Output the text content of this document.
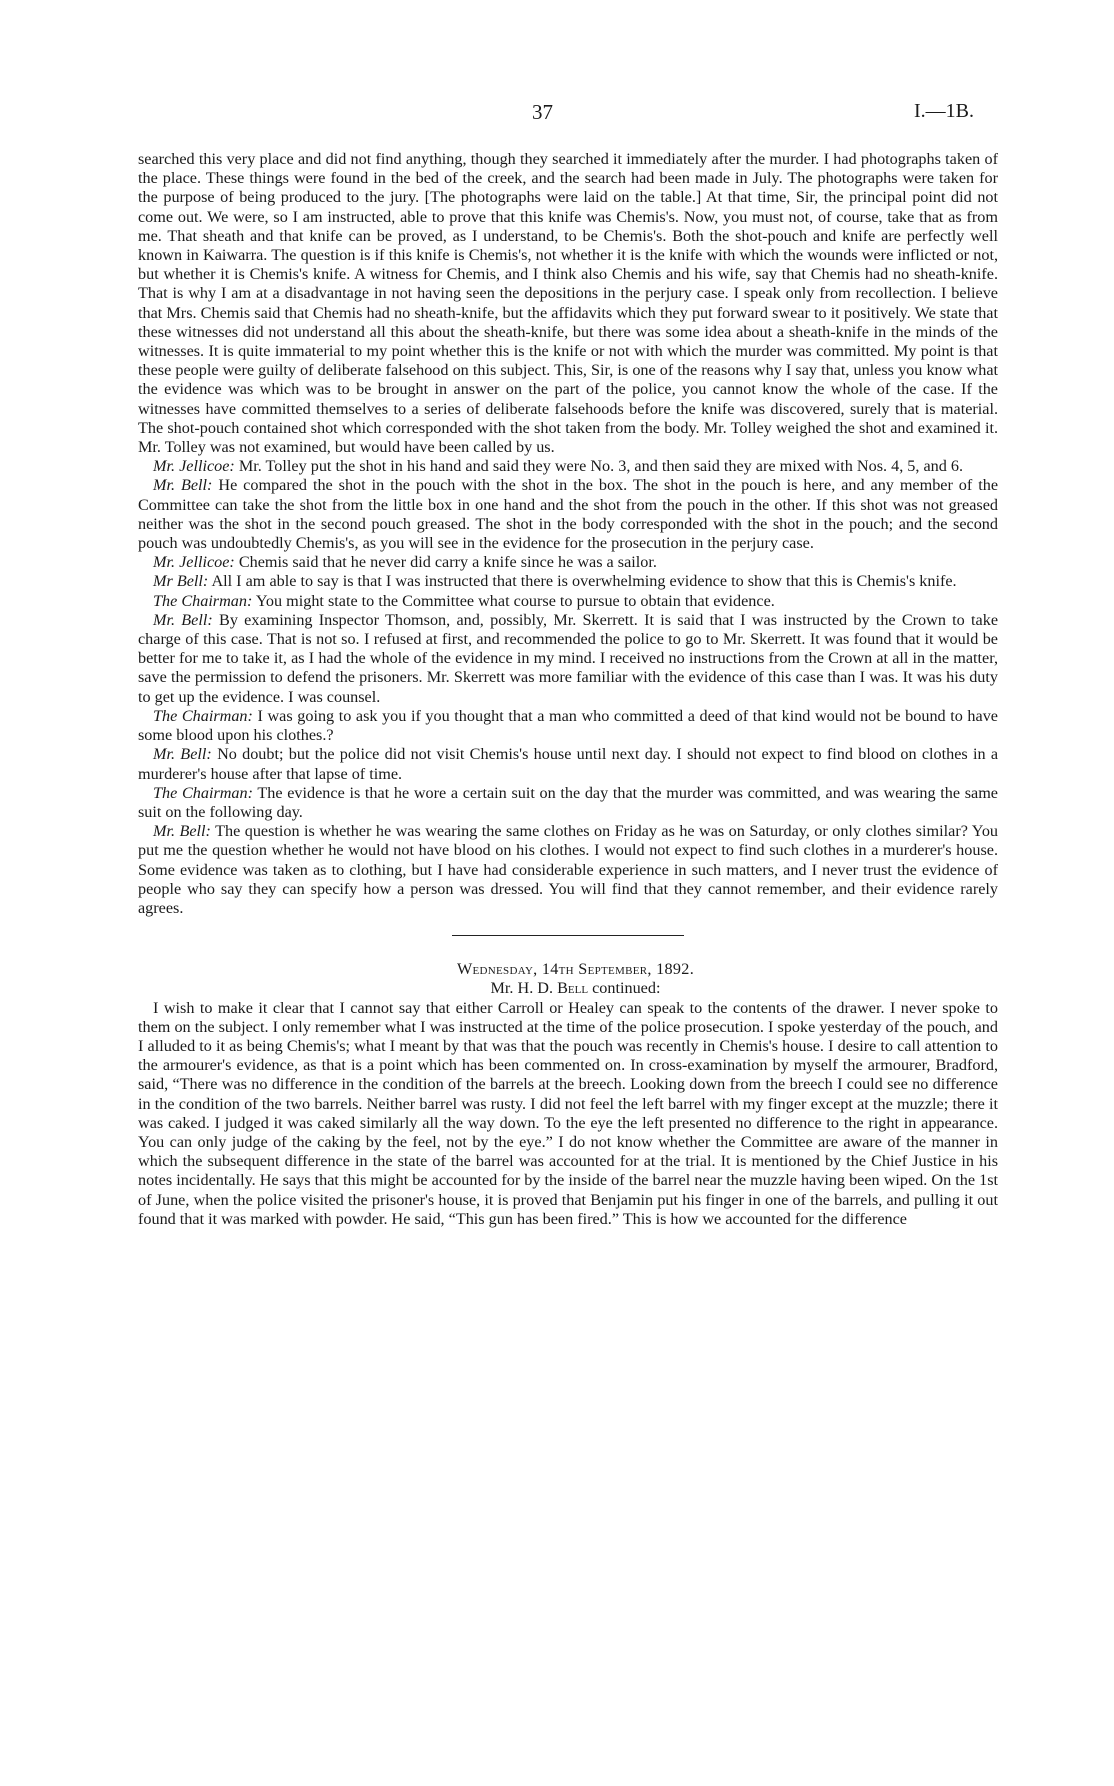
37	I.—1B.

searched this very place and did not find anything, though they searched it immediately after the murder. I had photographs taken of the place. These things were found in the bed of the creek, and the search had been made in July. The photographs were taken for the purpose of being produced to the jury. [The photographs were laid on the table.] At that time, Sir, the principal point did not come out. We were, so I am instructed, able to prove that this knife was Chemis's. Now, you must not, of course, take that as from me. That sheath and that knife can be proved, as I understand, to be Chemis's. Both the shot-pouch and knife are perfectly well known in Kaiwarra. The question is if this knife is Chemis's, not whether it is the knife with which the wounds were inflicted or not, but whether it is Chemis's knife. A witness for Chemis, and I think also Chemis and his wife, say that Chemis had no sheath-knife. That is why I am at a disadvantage in not having seen the depositions in the perjury case. I speak only from recollection. I believe that Mrs. Chemis said that Chemis had no sheath-knife, but the affidavits which they put forward swear to it positively. We state that these witnesses did not understand all this about the sheath-knife, but there was some idea about a sheath-knife in the minds of the witnesses. It is quite immaterial to my point whether this is the knife or not with which the murder was committed. My point is that these people were guilty of deliberate falsehood on this subject. This, Sir, is one of the reasons why I say that, unless you know what the evidence was which was to be brought in answer on the part of the police, you cannot know the whole of the case. If the witnesses have committed themselves to a series of deliberate falsehoods before the knife was discovered, surely that is material. The shot-pouch contained shot which corresponded with the shot taken from the body. Mr. Tolley weighed the shot and examined it. Mr. Tolley was not examined, but would have been called by us.

Mr. Jellicoe: Mr. Tolley put the shot in his hand and said they were No. 3, and then said they are mixed with Nos. 4, 5, and 6.

Mr. Bell: He compared the shot in the pouch with the shot in the box. The shot in the pouch is here, and any member of the Committee can take the shot from the little box in one hand and the shot from the pouch in the other. If this shot was not greased neither was the shot in the second pouch greased. The shot in the body corresponded with the shot in the pouch; and the second pouch was undoubtedly Chemis's, as you will see in the evidence for the prosecution in the perjury case.

Mr. Jellicoe: Chemis said that he never did carry a knife since he was a sailor.

Mr Bell: All I am able to say is that I was instructed that there is overwhelming evidence to show that this is Chemis's knife.

The Chairman: You might state to the Committee what course to pursue to obtain that evidence.

Mr. Bell: By examining Inspector Thomson, and, possibly, Mr. Skerrett. It is said that I was instructed by the Crown to take charge of this case. That is not so. I refused at first, and recommended the police to go to Mr. Skerrett. It was found that it would be better for me to take it, as I had the whole of the evidence in my mind. I received no instructions from the Crown at all in the matter, save the permission to defend the prisoners. Mr. Skerrett was more familiar with the evidence of this case than I was. It was his duty to get up the evidence. I was counsel.

The Chairman: I was going to ask you if you thought that a man who committed a deed of that kind would not be bound to have some blood upon his clothes.?

Mr. Bell: No doubt; but the police did not visit Chemis's house until next day. I should not expect to find blood on clothes in a murderer's house after that lapse of time.

The Chairman: The evidence is that he wore a certain suit on the day that the murder was committed, and was wearing the same suit on the following day.

Mr. Bell: The question is whether he was wearing the same clothes on Friday as he was on Saturday, or only clothes similar? You put me the question whether he would not have blood on his clothes. I would not expect to find such clothes in a murderer's house. Some evidence was taken as to clothing, but I have had considerable experience in such matters, and I never trust the evidence of people who say they can specify how a person was dressed. You will find that they cannot remember, and their evidence rarely agrees.

Wednesday, 14th September, 1892.

Mr. H. D. Bell continued:

I wish to make it clear that I cannot say that either Carroll or Healey can speak to the contents of the drawer. I never spoke to them on the subject. I only remember what I was instructed at the time of the police prosecution. I spoke yesterday of the pouch, and I alluded to it as being Chemis's; what I meant by that was that the pouch was recently in Chemis's house. I desire to call attention to the armourer's evidence, as that is a point which has been commented on. In cross-examination by myself the armourer, Bradford, said, “There was no difference in the condition of the barrels at the breech. Looking down from the breech I could see no difference in the condition of the two barrels. Neither barrel was rusty. I did not feel the left barrel with my finger except at the muzzle; there it was caked. I judged it was caked similarly all the way down. To the eye the left presented no difference to the right in appearance. You can only judge of the caking by the feel, not by the eye.” I do not know whether the Committee are aware of the manner in which the subsequent difference in the state of the barrel was accounted for at the trial. It is mentioned by the Chief Justice in his notes incidentally. He says that this might be accounted for by the inside of the barrel near the muzzle having been wiped. On the 1st of June, when the police visited the prisoner's house, it is proved that Benjamin put his finger in one of the barrels, and pulling it out found that it was marked with powder. He said, “This gun has been fired.” This is how we accounted for the difference
